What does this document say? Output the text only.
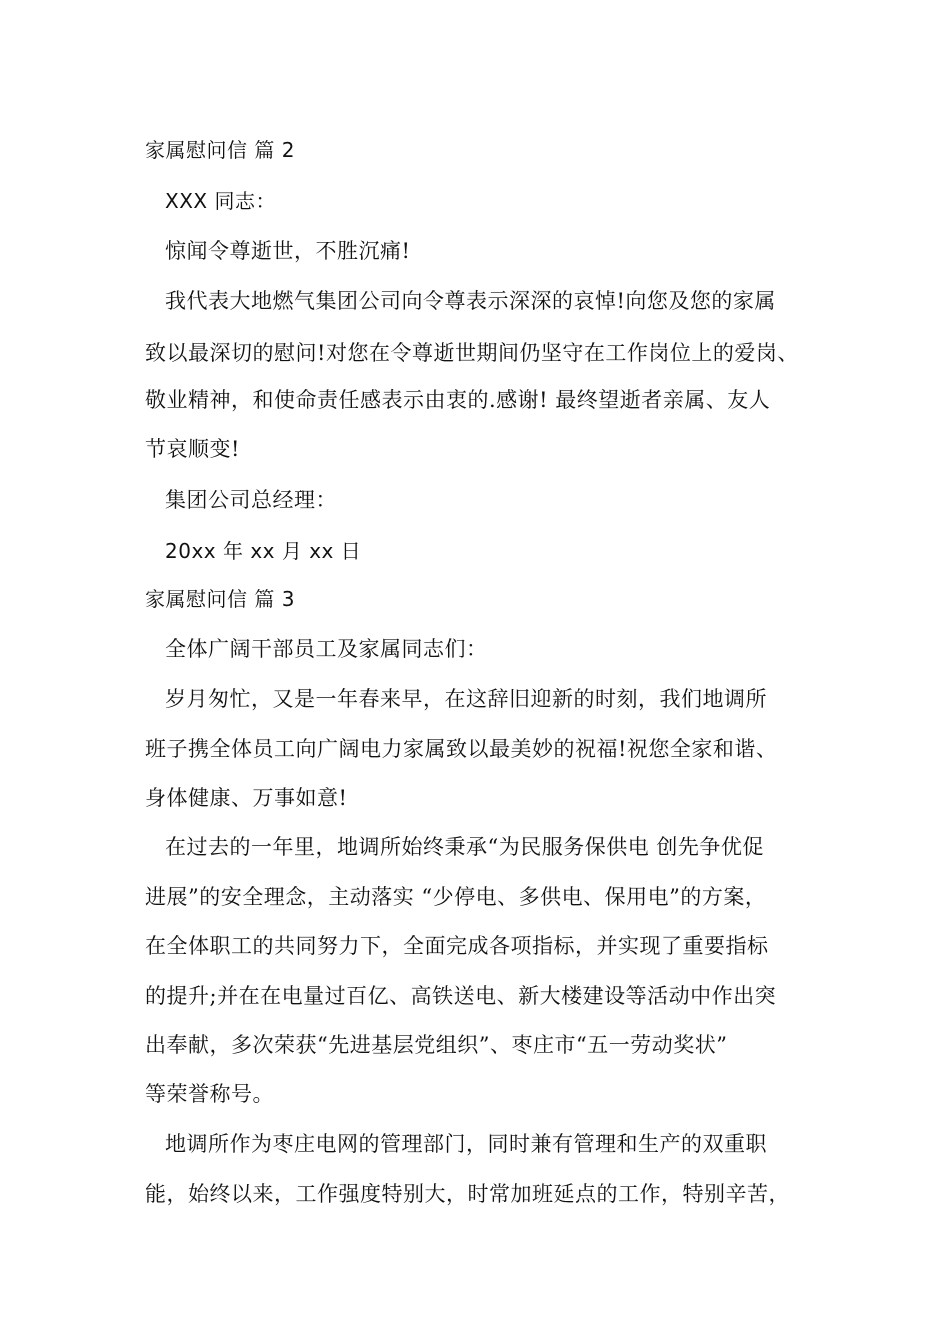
家属慰问信 篇 2
XXX 同志：
惊闻令尊逝世，不胜沉痛!
我代表大地燃气集团公司向令尊表示深深的哀悼!向您及您的家属
致以最深切的慰问!对您在令尊逝世期间仍坚守在工作岗位上的爱岗、
敬业精神，和使命责任感表示由衷的.感谢! 最终望逝者亲属、友人
节哀顺变!
集团公司总经理：
20xx 年 xx 月 xx 日
家属慰问信 篇 3
全体广阔干部员工及家属同志们：
岁月匆忙，又是一年春来早，在这辞旧迎新的时刻，我们地调所
班子携全体员工向广阔电力家属致以最美妙的祝福!祝您全家和谐、
身体健康、万事如意!
在过去的一年里，地调所始终秉承“为民服务保供电 创先争优促
进展”的安全理念，主动落实 “少停电、多供电、保用电”的方案，
在全体职工的共同努力下，全面完成各项指标，并实现了重要指标
的提升;并在在电量过百亿、高铁送电、新大楼建设等活动中作出突
出奉献，多次荣获“先进基层党组织”、枣庄市“五一劳动奖状”
等荣誉称号。
地调所作为枣庄电网的管理部门，同时兼有管理和生产的双重职
能，始终以来，工作强度特别大，时常加班延点的工作，特别辛苦，
